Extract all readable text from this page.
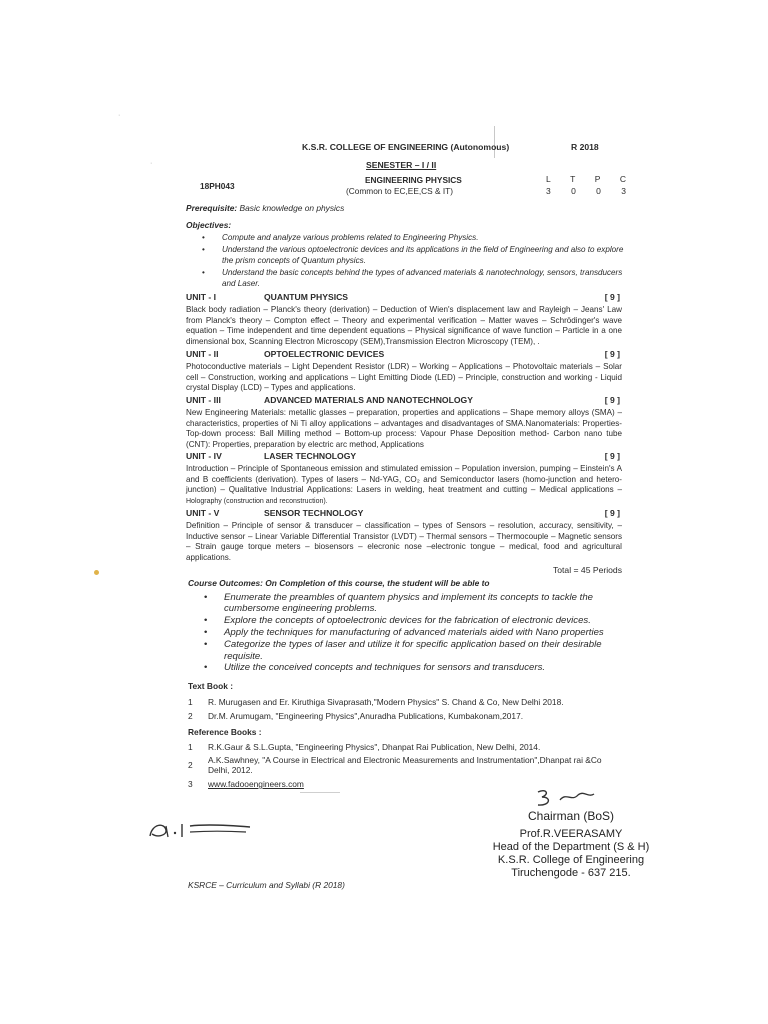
·
·
K.S.R. COLLEGE OF ENGINEERING (Autonomous)	R 2018
SENESTER – I / II
ENGINEERING PHYSICS
(Common to EC,EE,CS & IT)
18PH043
L T P C
3 0 0 3
Prerequisite: Basic knowledge on physics
Objectives:
• Compute and analyze various problems related to Engineering Physics.
• Understand the various optoelectronic devices and its applications in the field of Engineering and also to explore the prism concepts of Quantum physics.
• Understand the basic concepts behind the types of advanced materials & nanotechnology, sensors, transducers and Laser.
UNIT - I	QUANTUM PHYSICS	[ 9 ]
Black body radiation – Planck's theory (derivation) – Deduction of Wien's displacement law and Rayleigh – Jeans' Law from Planck's theory – Compton effect – Theory and experimental verification – Matter waves – Schrödinger's wave equation – Time independent and time dependent equations – Physical significance of wave function – Particle in a one dimensional box, Scanning Electron Microscopy (SEM),Transmission Electron Microscopy (TEM), .
UNIT - II	OPTOELECTRONIC DEVICES	[ 9 ]
Photoconductive materials – Light Dependent Resistor (LDR) – Working – Applications – Photovoltaic materials – Solar cell – Construction, working and applications – Light Emitting Diode (LED) – Principle, construction and working - Liquid crystal Display (LCD) – Types and applications.
UNIT - III	ADVANCED MATERIALS AND NANOTECHNOLOGY	[ 9 ]
New Engineering Materials: metallic glasses – preparation, properties and applications – Shape memory alloys (SMA) – characteristics, properties of Ni Ti alloy applications – advantages and disadvantages of SMA.Nanomaterials: Properties- Top-down process: Ball Milling method – Bottom-up process: Vapour Phase Deposition method- Carbon nano tube (CNT): Properties, preparation by electric arc method, Applications
UNIT - IV	LASER TECHNOLOGY	[ 9 ]
Introduction – Principle of Spontaneous emission and stimulated emission – Population inversion, pumping – Einstein's A and B coefficients (derivation). Types of lasers – Nd-YAG, CO₂ and Semiconductor lasers (homo-junction and hetero-junction) – Qualitative Industrial Applications: Lasers in welding, heat treatment and cutting – Medical applications – Holography (construction and reconstruction).
UNIT - V	SENSOR TECHNOLOGY	[ 9 ]
Definition – Principle of sensor & transducer – classification – types of Sensors – resolution, accuracy, sensitivity, – Inductive sensor – Linear Variable Differential Transistor (LVDT) – Thermal sensors – Thermocouple – Magnetic sensors – Strain gauge torque meters – biosensors – elecronic nose –electronic tongue – medical, food and agricultural applications.
Total = 45 Periods
Course Outcomes: On Completion of this course, the student will be able to
• Enumerate the preambles of quantem physics and implement its concepts to tackle the cumbersome engineering problems.
• Explore the concepts of optoelectronic devices for the fabrication of electronic devices.
• Apply the techniques for manufacturing of advanced materials aided with Nano properties
• Categorize the types of laser and utilize it for specific application based on their desirable requisite.
• Utilize the conceived concepts and techniques for sensors and transducers.
Text Book :
1 R. Murugasen and Er. Kiruthiga Sivaprasath,"Modern Physics" S. Chand & Co, New Delhi 2018.
2 Dr.M. Arumugam, "Engineering Physics",Anuradha Publications, Kumbakonam,2017.
Reference Books :
1 R.K.Gaur & S.L.Gupta, "Engineering Physics", Dhanpat Rai Publication, New Delhi, 2014.
2 A.K.Sawhney, "A Course in Electrical and Electronic Measurements and Instrumentation",Dhanpat rai &Co Delhi, 2012.
3 www.fadooengineers.com
Chairman (BoS)
Prof.R.VEERASAMY
Head of the Department (S & H)
K.S.R. College of Engineering
Tiruchengode - 637 215.
KSRCE – Curriculum and Syllabi (R 2018)
